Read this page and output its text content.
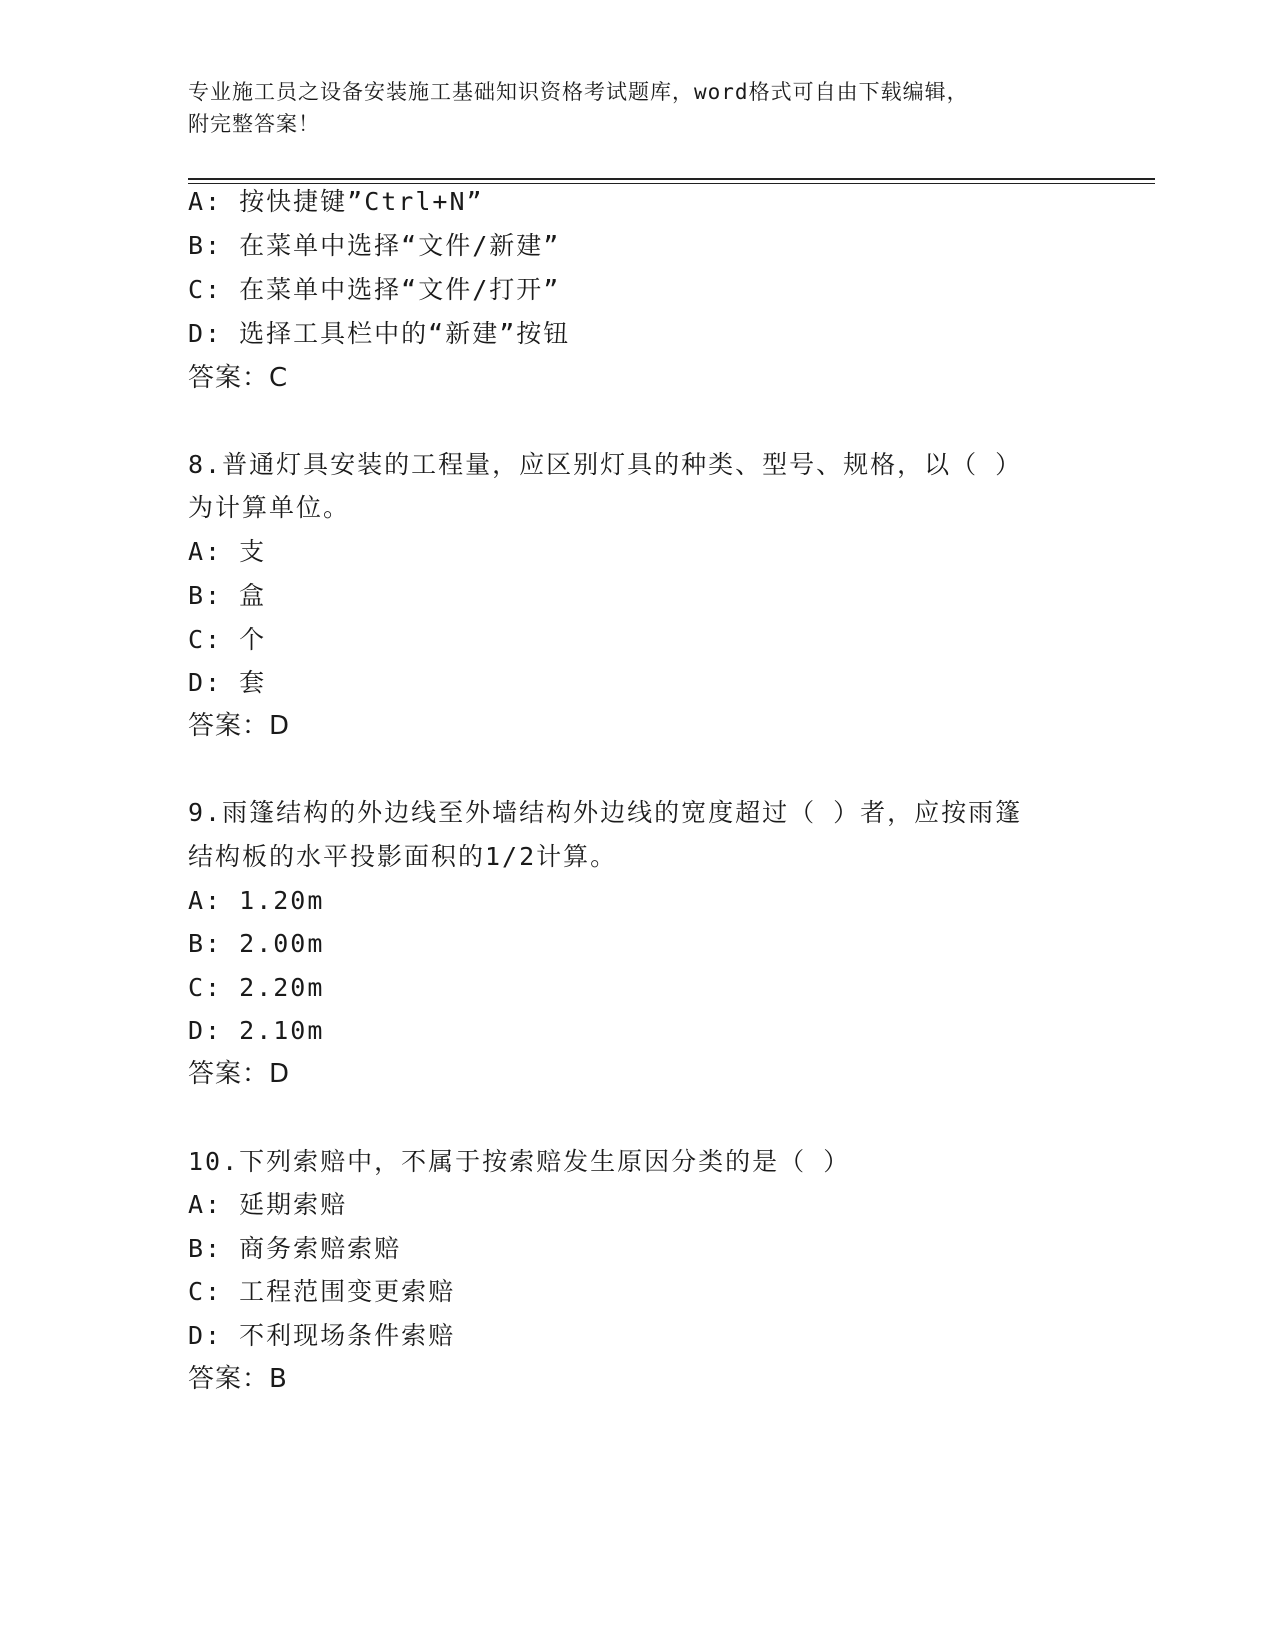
专业施工员之设备安装施工基础知识资格考试题库，word格式可自由下载编辑，
附完整答案！
A: 按快捷键”Ctrl+N”
B: 在菜单中选择“文件/新建”
C: 在菜单中选择“文件/打开”
D: 选择工具栏中的“新建”按钮
答案：C
8.普通灯具安装的工程量，应区别灯具的种类、型号、规格，以（ ）
为计算单位。
A: 支
B: 盒
C: 个
D: 套
答案：D
9.雨篷结构的外边线至外墙结构外边线的宽度超过（ ）者，应按雨篷
结构板的水平投影面积的1/2计算。
A: 1.20m
B: 2.00m
C: 2.20m
D: 2.10m
答案：D
10.下列索赔中，不属于按索赔发生原因分类的是（ ）
A: 延期索赔
B: 商务索赔索赔
C: 工程范围变更索赔
D: 不利现场条件索赔
答案：B
